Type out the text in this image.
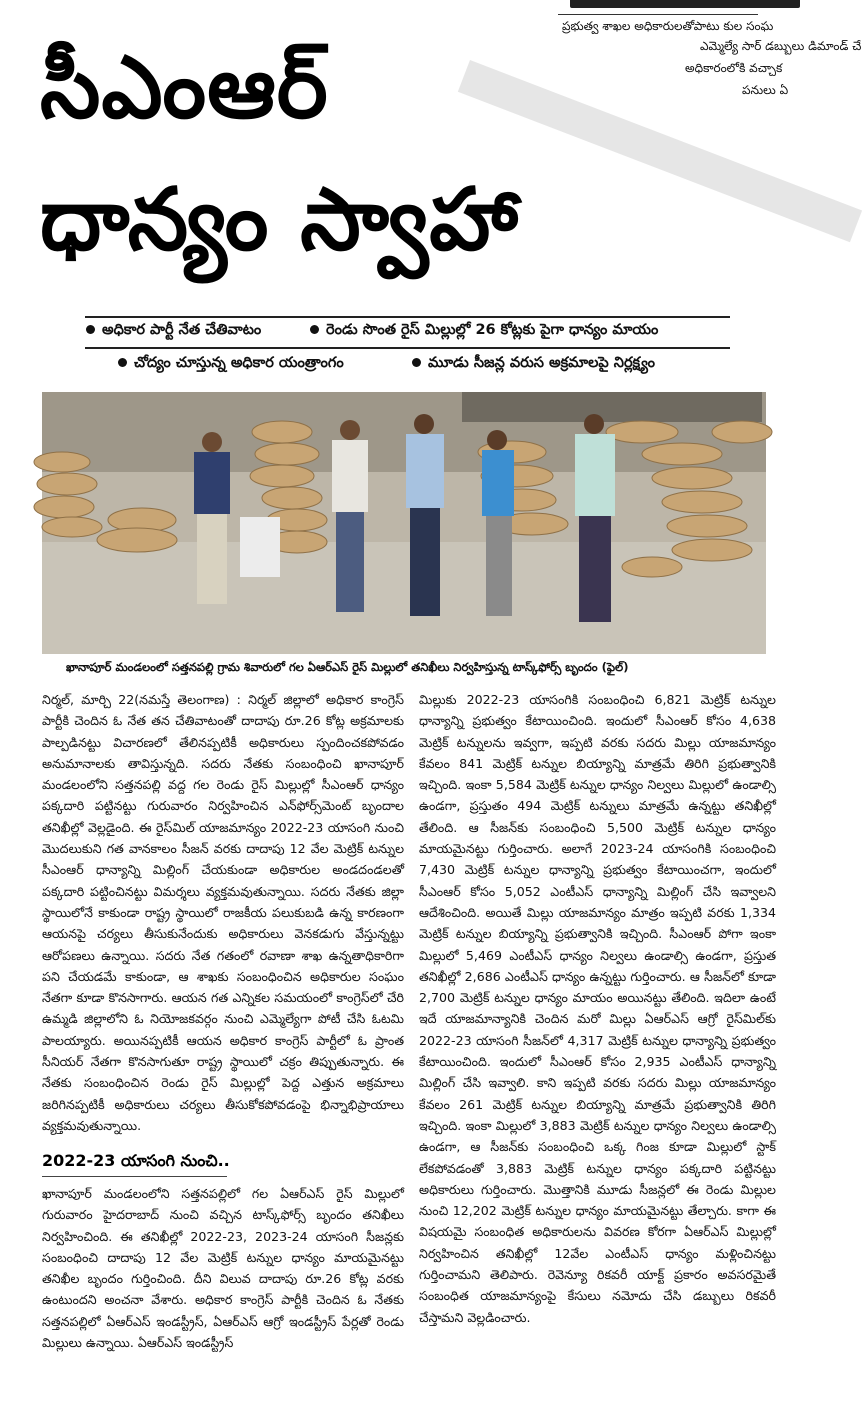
ప్రభుత్వ శాఖల అధికారులతోపాటు కుల సంఘ
ఎమ్మెల్యే సార్ డబ్బులు డిమాండ్ చే
అధికారంలోకి వచ్చాక
పనులు ఏ
సీఎంఆర్
ధాన్యం స్వాహా
అధికార పార్టీ నేత చేతివాటం	రెండు సొంత రైస్ మిల్లుల్లో 26 కోట్లకు పైగా ధాన్యం మాయం
చోద్యం చూస్తున్న అధికార యంత్రాంగం	మూడు సీజన్ల వరుస అక్రమాలపై నిర్లక్ష్యం
ఖానాపూర్ మండలంలో సత్తనపల్లి గ్రామ శివారులో గల ఏఆర్ఎస్ రైస్ మిల్లులో తనిఖీలు నిర్వహిస్తున్న టాస్క్‌ఫోర్స్ బృందం (ఫైల్)

నిర్మల్, మార్చి 22(నమస్తే తెలంగాణ) : నిర్మల్ జిల్లాలో అధికార కాంగ్రెస్ పార్టీకి చెందిన ఓ నేత తన చేతివాటంతో దాదాపు రూ.26 కోట్ల అక్రమాలకు పాల్పడినట్టు విచారణలో తేలినప్పటికీ అధికారులు స్పందించకపోవడం అనుమానాలకు తావిస్తున్నది. సదరు నేతకు సంబంధించి ఖానాపూర్ మండలంలోని సత్తనపల్లి వద్ద గల రెండు రైస్ మిల్లుల్లో సీఎంఆర్ ధాన్యం పక్కదారి పట్టినట్టు గురువారం నిర్వహించిన ఎన్‌ఫోర్స్‌మెంట్ బృందాల తనిఖీల్లో వెల్లడైంది. ఈ రైస్‌మిల్ యాజమాన్యం 2022-23 యాసంగి నుంచి మొదలుకుని గత వానకాలం సీజన్ వరకు దాదాపు 12 వేల మెట్రిక్ టన్నుల సీఎంఆర్ ధాన్యాన్ని మిల్లింగ్ చేయకుండా అధికారుల అండదండలతో పక్కదారి పట్టించినట్టు విమర్శలు వ్యక్తమవుతున్నాయి. సదరు నేతకు జిల్లా స్థాయిలోనే కాకుండా రాష్ట్ర స్థాయిలో రాజకీయ పలుకుబడి ఉన్న కారణంగా ఆయనపై చర్యలు తీసుకునేందుకు అధికారులు వెనకడుగు వేస్తున్నట్టు ఆరోపణలు ఉన్నాయి. సదరు నేత గతంలో రవాణా శాఖ ఉన్నతాధికారిగా పని చేయడమే కాకుండా, ఆ శాఖకు సంబంధించిన అధికారుల సంఘం నేతగా కూడా కొనసాగారు. ఆయన గత ఎన్నికల సమయంలో కాంగ్రెస్‌లో చేరి ఉమ్మడి జిల్లాలోని ఓ నియోజకవర్గం నుంచి ఎమ్మెల్యేగా పోటీ చేసి ఓటమి పాలయ్యారు. అయినప్పటికీ ఆయన అధికార కాంగ్రెస్ పార్టీలో ఓ ప్రాంత సీనియర్ నేతగా కొనసాగుతూ రాష్ట్ర స్థాయిలో చక్రం తిప్పుతున్నారు. ఈ నేతకు సంబంధించిన రెండు రైస్ మిల్లుల్లో పెద్ద ఎత్తున అక్రమాలు జరిగినప్పటికీ అధికారులు చర్యలు తీసుకోకపోవడంపై భిన్నాభిప్రాయాలు వ్యక్తమవుతున్నాయి.

2022-23 యాసంగి నుంచి..

ఖానాపూర్ మండలంలోని సత్తనపల్లిలో గల ఏఆర్ఎస్ రైస్ మిల్లులో గురువారం హైదరాబాద్ నుంచి వచ్చిన టాస్క్‌ఫోర్స్ బృందం తనిఖీలు నిర్వహించింది. ఈ తనిఖీల్లో 2022-23, 2023-24 యాసంగి సీజన్లకు సంబంధించి దాదాపు 12 వేల మెట్రిక్ టన్నుల ధాన్యం మాయమైనట్టు తనిఖీల బృందం గుర్తించింది. దీని విలువ దాదాపు రూ.26 కోట్ల వరకు ఉంటుందని అంచనా వేశారు. అధికార కాంగ్రెస్ పార్టీకి చెందిన ఓ నేతకు సత్తనపల్లిలో ఏఆర్ఎస్ ఇండస్ట్రీస్, ఏఆర్ఎస్ ఆగ్రో ఇండస్ట్రీస్ పేర్లతో రెండు మిల్లులు ఉన్నాయి. ఏఆర్ఎస్ ఇండస్ట్రీస్

మిల్లుకు 2022-23 యాసంగికి సంబంధించి 6,821 మెట్రిక్ టన్నుల ధాన్యాన్ని ప్రభుత్వం కేటాయించింది. ఇందులో సీఎంఆర్ కోసం 4,638 మెట్రిక్ టన్నులను ఇవ్వగా, ఇప్పటి వరకు సదరు మిల్లు యాజమాన్యం కేవలం 841 మెట్రిక్ టన్నుల బియ్యాన్ని మాత్రమే తిరిగి ప్రభుత్వానికి ఇచ్చింది. ఇంకా 5,584 మెట్రిక్ టన్నుల ధాన్యం నిల్వలు మిల్లులో ఉండాల్సి ఉండగా, ప్రస్తుతం 494 మెట్రిక్ టన్నులు మాత్రమే ఉన్నట్టు తనిఖీల్లో తేలింది. ఆ సీజన్‌కు సంబంధించి 5,500 మెట్రిక్ టన్నుల ధాన్యం మాయమైనట్టు గుర్తించారు. అలాగే 2023-24 యాసంగికి సంబంధించి 7,430 మెట్రిక్ టన్నుల ధాన్యాన్ని ప్రభుత్వం కేటాయించగా, ఇందులో సీఎంఆర్ కోసం 5,052 ఎంటీఎస్ ధాన్యాన్ని మిల్లింగ్ చేసి ఇవ్వాలని ఆదేశించింది. అయితే మిల్లు యాజమాన్యం మాత్రం ఇప్పటి వరకు 1,334 మెట్రిక్ టన్నుల బియ్యాన్ని ప్రభుత్వానికి ఇచ్చింది. సీఎంఆర్ పోగా ఇంకా మిల్లులో 5,469 ఎంటీఎస్ ధాన్యం నిల్వలు ఉండాల్సి ఉండగా, ప్రస్తుత తనిఖీల్లో 2,686 ఎంటీఎస్ ధాన్యం ఉన్నట్టు గుర్తించారు. ఆ సీజన్‌లో కూడా 2,700 మెట్రిక్ టన్నుల ధాన్యం మాయం అయినట్టు తేలింది. ఇదిలా ఉంటే ఇదే యాజమాన్యానికి చెందిన మరో మిల్లు ఏఆర్ఎస్ ఆగ్రో రైస్‌మిల్‌కు 2022-23 యాసంగి సీజన్‌లో 4,317 మెట్రిక్ టన్నుల ధాన్యాన్ని ప్రభుత్వం కేటాయించింది. ఇందులో సీఎంఆర్ కోసం 2,935 ఎంటీఎస్ ధాన్యాన్ని మిల్లింగ్ చేసి ఇవ్వాలి. కాని ఇప్పటి వరకు సదరు మిల్లు యాజమాన్యం కేవలం 261 మెట్రిక్ టన్నుల బియ్యాన్ని మాత్రమే ప్రభుత్వానికి తిరిగి ఇచ్చింది. ఇంకా మిల్లులో 3,883 మెట్రిక్ టన్నుల ధాన్యం నిల్వలు ఉండాల్సి ఉండగా, ఆ సీజన్‌కు సంబంధించి ఒక్క గింజ కూడా మిల్లులో స్టాక్ లేకపోవడంతో 3,883 మెట్రిక్ టన్నుల ధాన్యం పక్కదారి పట్టినట్టు అధికారులు గుర్తించారు. మొత్తానికి మూడు సీజన్లలో ఈ రెండు మిల్లుల నుంచి 12,202 మెట్రిక్ టన్నుల ధాన్యం మాయమైనట్టు తేల్చారు. కాగా ఈ విషయమై సంబంధిత అధికారులను వివరణ కోరగా ఏఆర్ఎస్ మిల్లుల్లో నిర్వహించిన తనిఖీల్లో 12వేల ఎంటీఎస్ ధాన్యం మళ్లించినట్టు గుర్తించామని తెలిపారు. రెవెన్యూ రికవరీ యాక్ట్ ప్రకారం అవసరమైతే సంబంధిత యాజమాన్యంపై కేసులు నమోదు చేసి డబ్బులు రికవరీ చేస్తామని వెల్లడించారు.
